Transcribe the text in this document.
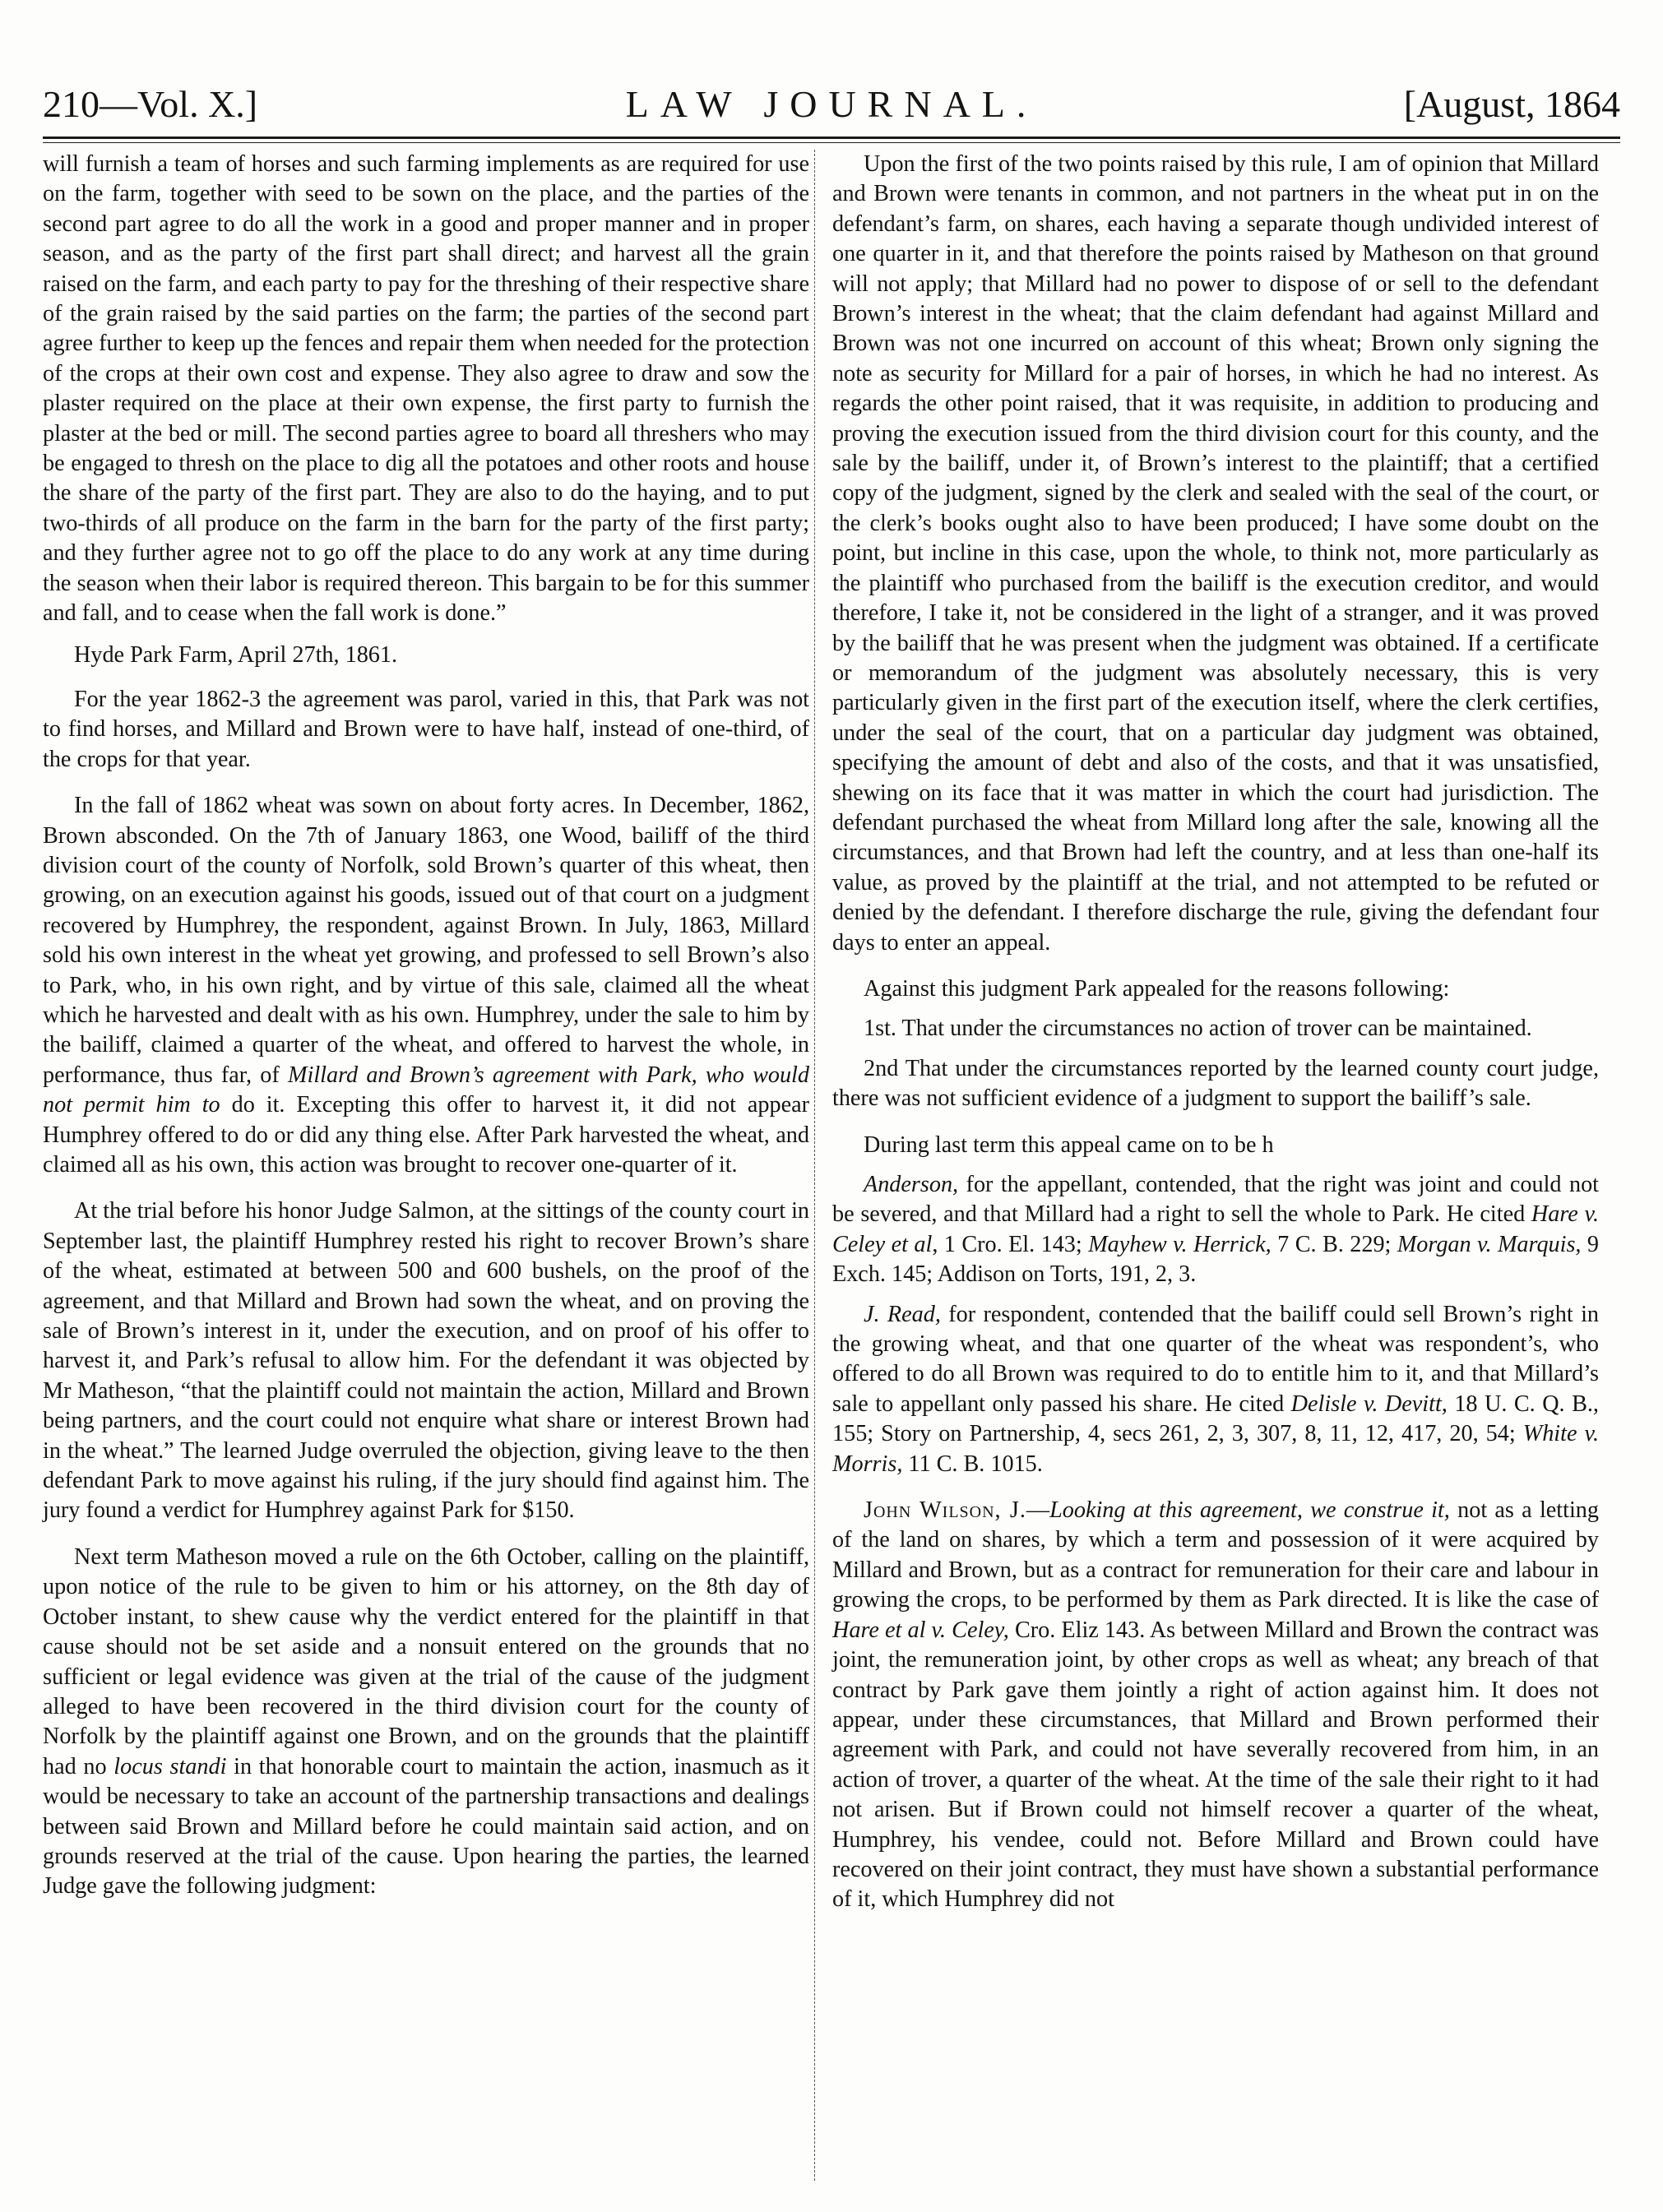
210—Vol. X.]	LAW JOURNAL.	[August, 1864

will furnish a team of horses and such farming implements as are required for use on the farm, together with seed to be sown on the place, and the parties of the second part agree to do all the work in a good and proper manner and in proper season, and as the party of the first part shall direct; and harvest all the grain raised on the farm, and each party to pay for the threshing of their respective share of the grain raised by the said parties on the farm; the parties of the second part agree further to keep up the fences and repair them when needed for the protection of the crops at their own cost and expense. They also agree to draw and sow the plaster required on the place at their own expense, the first party to furnish the plaster at the bed or mill. The second parties agree to board all threshers who may be engaged to thresh on the place to dig all the potatoes and other roots and house the share of the party of the first part. They are also to do the haying, and to put two-thirds of all produce on the farm in the barn for the party of the first party; and they further agree not to go off the place to do any work at any time during the season when their labor is required thereon. This bargain to be for this summer and fall, and to cease when the fall work is done.”

Hyde Park Farm, April 27th, 1861.

For the year 1862-3 the agreement was parol, varied in this, that Park was not to find horses, and Millard and Brown were to have half, instead of one-third, of the crops for that year.

In the fall of 1862 wheat was sown on about forty acres. In December, 1862, Brown absconded. On the 7th of January 1863, one Wood, bailiff of the third division court of the county of Norfolk, sold Brown’s quarter of this wheat, then growing, on an execution against his goods, issued out of that court on a judgment recovered by Humphrey, the respondent, against Brown. In July, 1863, Millard sold his own interest in the wheat yet growing, and professed to sell Brown’s also to Park, who, in his own right, and by virtue of this sale, claimed all the wheat which he harvested and dealt with as his own. Humphrey, under the sale to him by the bailiff, claimed a quarter of the wheat, and offered to harvest the whole, in performance, thus far, of Millard and Brown’s agreement with Park, who would not permit him to do it. Excepting this offer to harvest it, it did not appear Humphrey offered to do or did any thing else. After Park harvested the wheat, and claimed all as his own, this action was brought to recover one-quarter of it.

At the trial before his honor Judge Salmon, at the sittings of the county court in September last, the plaintiff Humphrey rested his right to recover Brown’s share of the wheat, estimated at between 500 and 600 bushels, on the proof of the agreement, and that Millard and Brown had sown the wheat, and on proving the sale of Brown’s interest in it, under the execution, and on proof of his offer to harvest it, and Park’s refusal to allow him. For the defendant it was objected by Mr Matheson, “that the plaintiff could not maintain the action, Millard and Brown being partners, and the court could not enquire what share or interest Brown had in the wheat.” The learned Judge overruled the objection, giving leave to the then defendant Park to move against his ruling, if the jury should find against him. The jury found a verdict for Humphrey against Park for $150.

Next term Matheson moved a rule on the 6th October, calling on the plaintiff, upon notice of the rule to be given to him or his attorney, on the 8th day of October instant, to shew cause why the verdict entered for the plaintiff in that cause should not be set aside and a nonsuit entered on the grounds that no sufficient or legal evidence was given at the trial of the cause of the judgment alleged to have been recovered in the third division court for the county of Norfolk by the plaintiff against one Brown, and on the grounds that the plaintiff had no locus standi in that honorable court to maintain the action, inasmuch as it would be necessary to take an account of the partnership transactions and dealings between said Brown and Millard before he could maintain said action, and on grounds reserved at the trial of the cause. Upon hearing the parties, the learned Judge gave the following judgment:

Upon the first of the two points raised by this rule, I am of opinion that Millard and Brown were tenants in common, and not partners in the wheat put in on the defendant’s farm, on shares, each having a separate though undivided interest of one quarter in it, and that therefore the points raised by Matheson on that ground will not apply; that Millard had no power to dispose of or sell to the defendant Brown’s interest in the wheat; that the claim defendant had against Millard and Brown was not one incurred on account of this wheat; Brown only signing the note as security for Millard for a pair of horses, in which he had no interest. As regards the other point raised, that it was requisite, in addition to producing and proving the execution issued from the third division court for this county, and the sale by the bailiff, under it, of Brown’s interest to the plaintiff; that a certified copy of the judgment, signed by the clerk and sealed with the seal of the court, or the clerk’s books ought also to have been produced; I have some doubt on the point, but incline in this case, upon the whole, to think not, more particularly as the plaintiff who purchased from the bailiff is the execution creditor, and would therefore, I take it, not be considered in the light of a stranger, and it was proved by the bailiff that he was present when the judgment was obtained. If a certificate or memorandum of the judgment was absolutely necessary, this is very particularly given in the first part of the execution itself, where the clerk certifies, under the seal of the court, that on a particular day judgment was obtained, specifying the amount of debt and also of the costs, and that it was unsatisfied, shewing on its face that it was matter in which the court had jurisdiction. The defendant purchased the wheat from Millard long after the sale, knowing all the circumstances, and that Brown had left the country, and at less than one-half its value, as proved by the plaintiff at the trial, and not attempted to be refuted or denied by the defendant. I therefore discharge the rule, giving the defendant four days to enter an appeal.

Against this judgment Park appealed for the reasons following:

1st. That under the circumstances no action of trover can be maintained.

2nd That under the circumstances reported by the learned county court judge, there was not sufficient evidence of a judgment to support the bailiff’s sale.

During last term this appeal came on to be h

Anderson, for the appellant, contended, that the right was joint and could not be severed, and that Millard had a right to sell the whole to Park. He cited Hare v. Celey et al, 1 Cro. El. 143; Mayhew v. Herrick, 7 C. B. 229; Morgan v. Marquis, 9 Exch. 145; Addison on Torts, 191, 2, 3.

J. Read, for respondent, contended that the bailiff could sell Brown’s right in the growing wheat, and that one quarter of the wheat was respondent’s, who offered to do all Brown was required to do to entitle him to it, and that Millard’s sale to appellant only passed his share. He cited Delisle v. Devitt, 18 U. C. Q. B., 155; Story on Partnership, 4, secs 261, 2, 3, 307, 8, 11, 12, 417, 20, 54; White v. Morris, 11 C. B. 1015.

John Wilson, J.—Looking at this agreement, we construe it, not as a letting of the land on shares, by which a term and possession of it were acquired by Millard and Brown, but as a contract for remuneration for their care and labour in growing the crops, to be performed by them as Park directed. It is like the case of Hare et al v. Celey, Cro. Eliz 143. As between Millard and Brown the contract was joint, the remuneration joint, by other crops as well as wheat; any breach of that contract by Park gave them jointly a right of action against him. It does not appear, under these circumstances, that Millard and Brown performed their agreement with Park, and could not have severally recovered from him, in an action of trover, a quarter of the wheat. At the time of the sale their right to it had not arisen. But if Brown could not himself recover a quarter of the wheat, Humphrey, his vendee, could not. Before Millard and Brown could have recovered on their joint contract, they must have shown a substantial performance of it, which Humphrey did not
